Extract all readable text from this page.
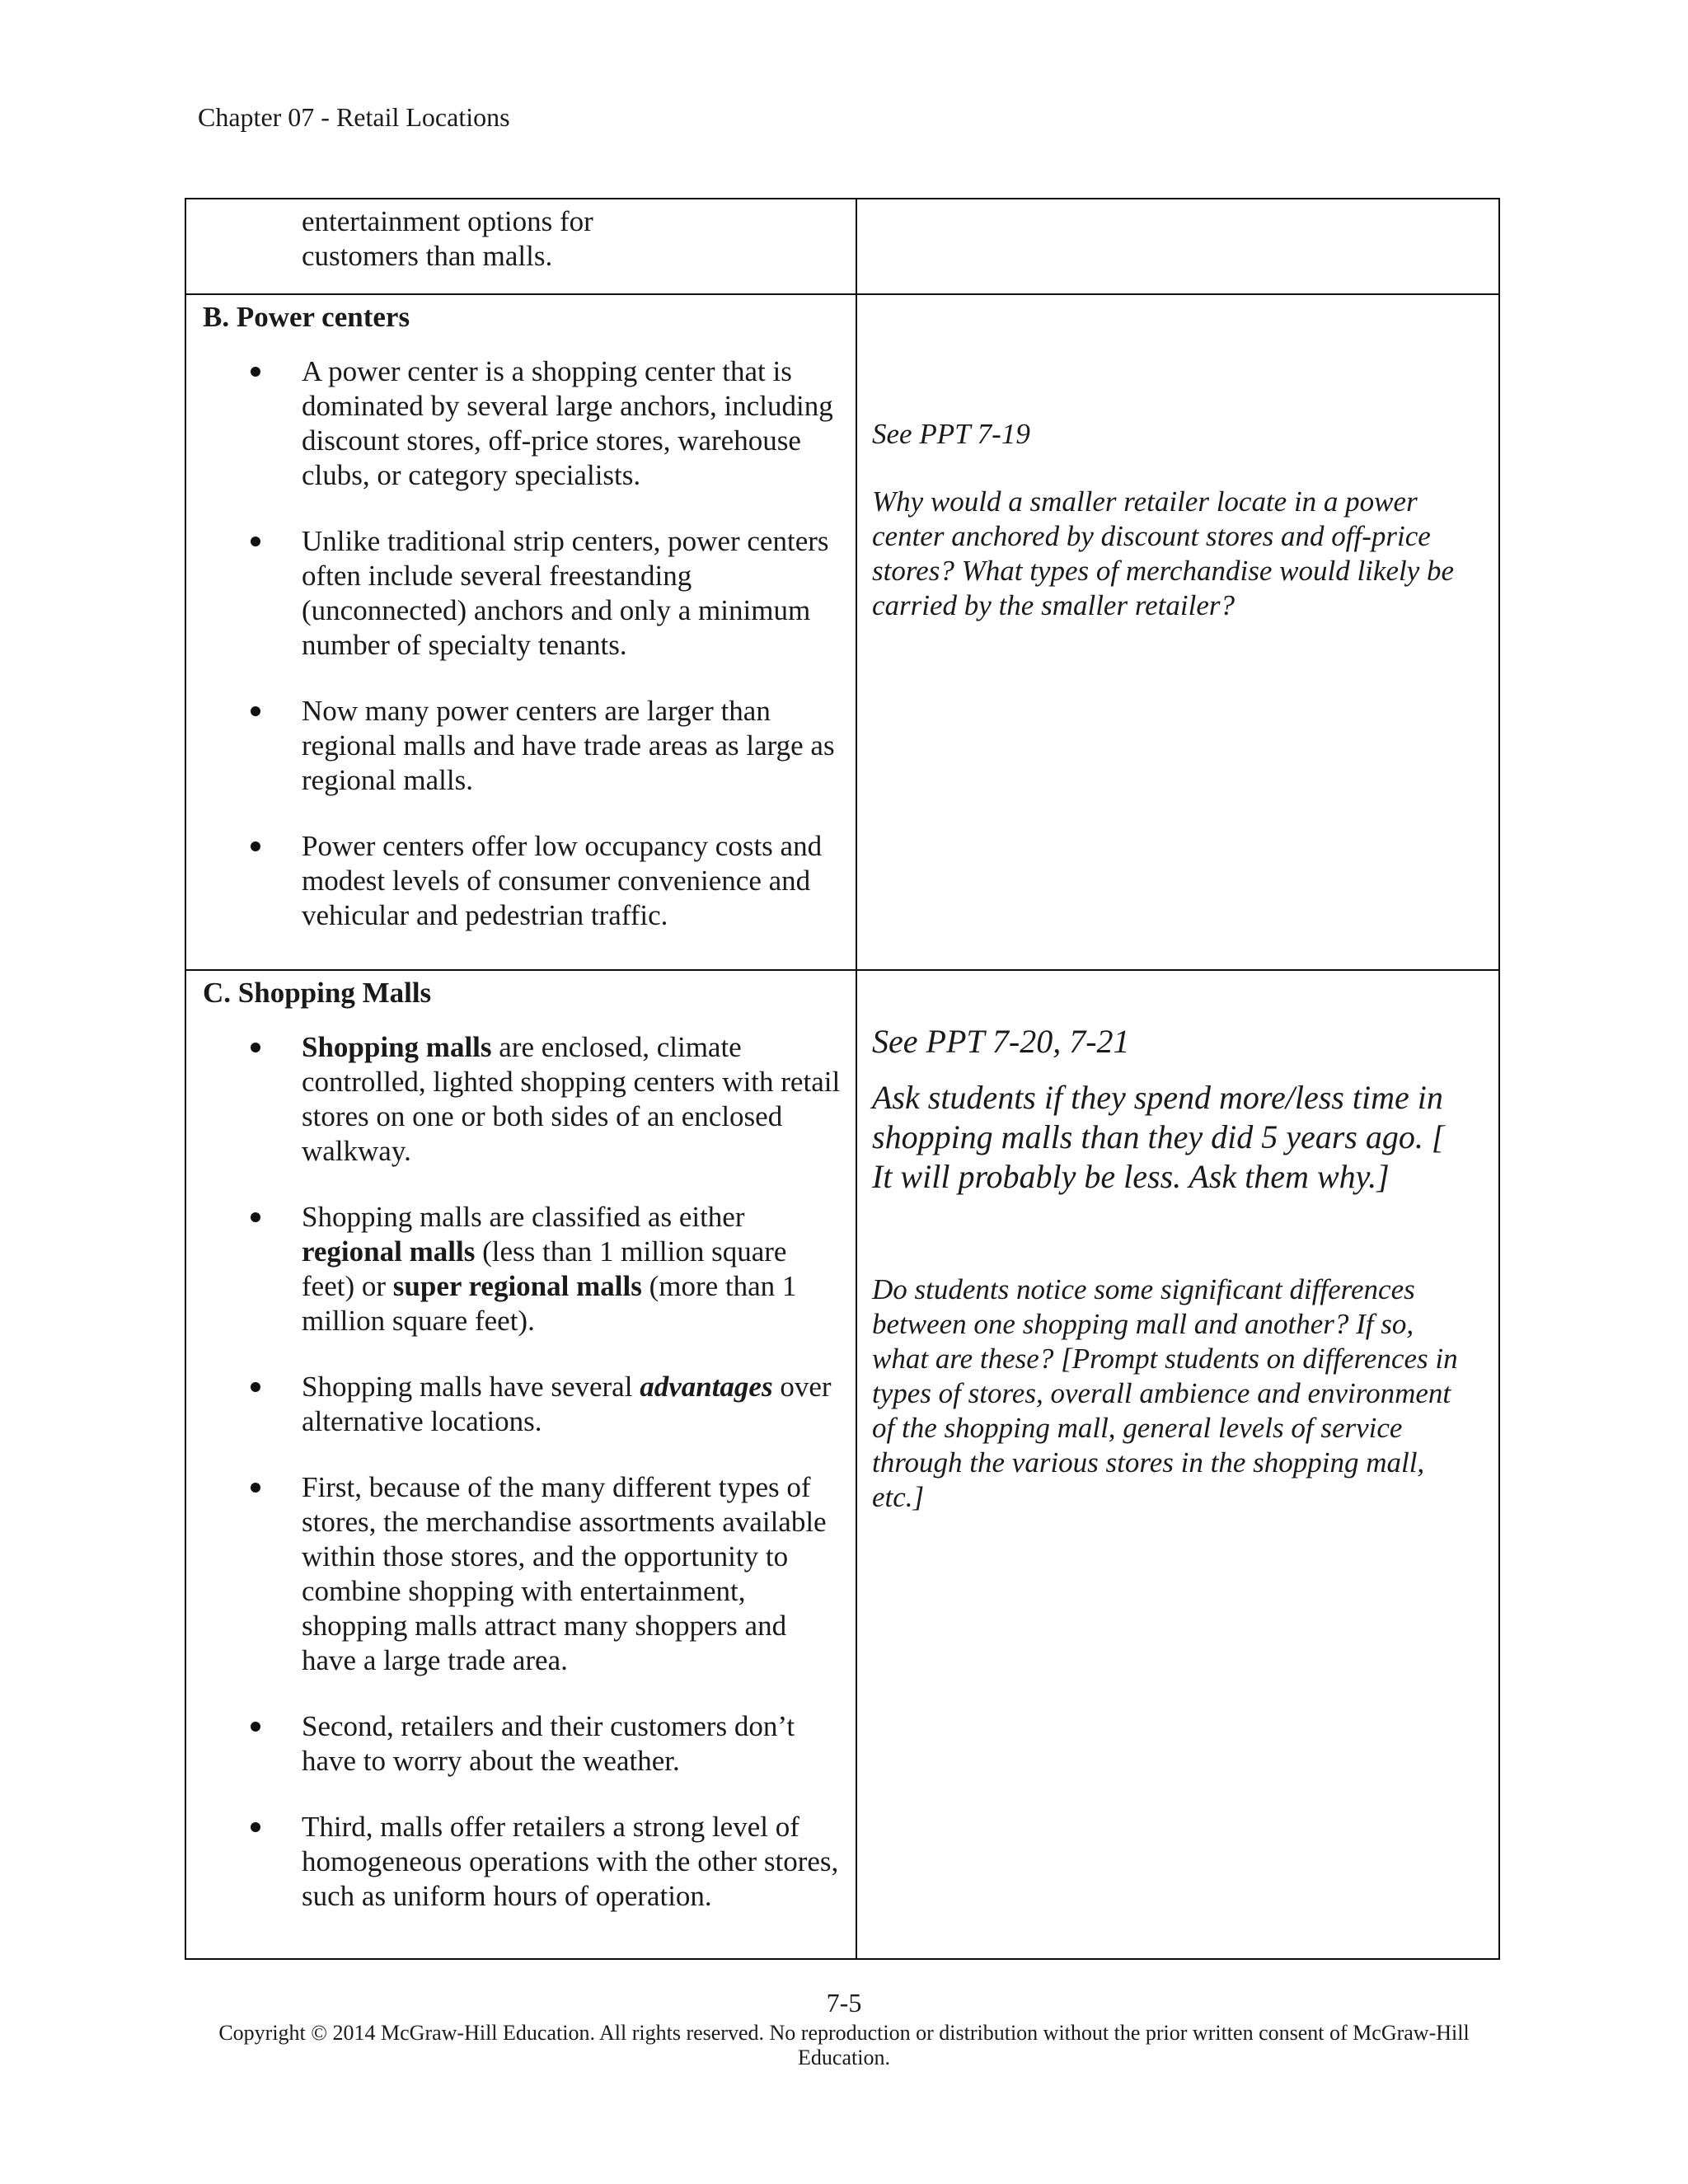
Chapter 07 - Retail Locations
entertainment options for customers than malls.
B. Power centers
A power center is a shopping center that is dominated by several large anchors, including discount stores, off-price stores, warehouse clubs, or category specialists.
Unlike traditional strip centers, power centers often include several freestanding (unconnected) anchors and only a minimum number of specialty tenants.
Now many power centers are larger than regional malls and have trade areas as large as regional malls.
Power centers offer low occupancy costs and modest levels of consumer convenience and vehicular and pedestrian traffic.

See PPT 7-19

Why would a smaller retailer locate in a power center anchored by discount stores and off-price stores? What types of merchandise would likely be carried by the smaller retailer?

C. Shopping Malls
Shopping malls are enclosed, climate controlled, lighted shopping centers with retail stores on one or both sides of an enclosed walkway.
Shopping malls are classified as either regional malls (less than 1 million square feet) or super regional malls (more than 1 million square feet).
Shopping malls have several advantages over alternative locations.
First, because of the many different types of stores, the merchandise assortments available within those stores, and the opportunity to combine shopping with entertainment, shopping malls attract many shoppers and have a large trade area.
Second, retailers and their customers don’t have to worry about the weather.
Third, malls offer retailers a strong level of homogeneous operations with the other stores, such as uniform hours of operation.

See PPT 7-20, 7-21

Ask students if they spend more/less time in shopping malls than they did 5 years ago. [ It will probably be less. Ask them why.]

Do students notice some significant differences between one shopping mall and another? If so, what are these? [Prompt students on differences in types of stores, overall ambience and environment of the shopping mall, general levels of service through the various stores in the shopping mall, etc.]

7-5
Copyright © 2014 McGraw-Hill Education. All rights reserved. No reproduction or distribution without the prior written consent of McGraw-Hill Education.
